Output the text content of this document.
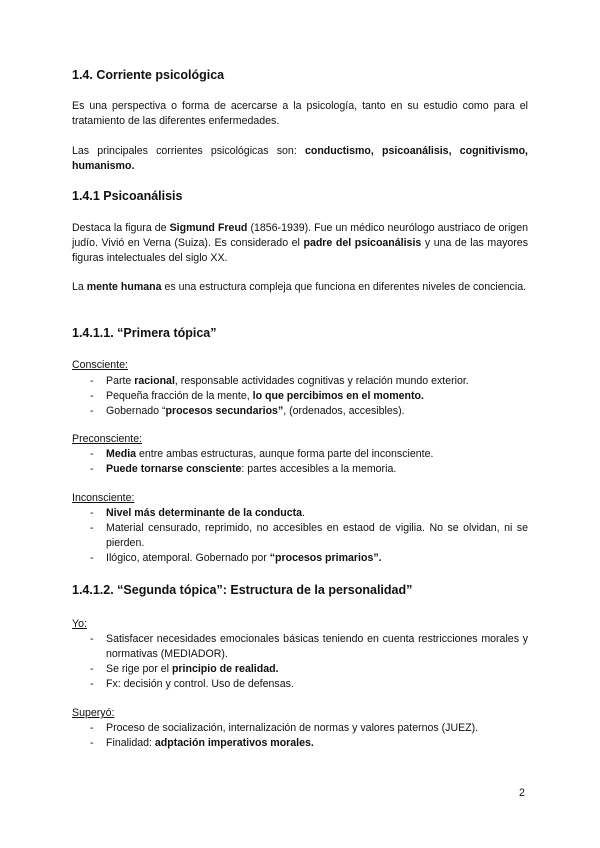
1.4. Corriente psicológica

Es una perspectiva o forma de acercarse a la psicología, tanto en su estudio como para el tratamiento de las diferentes enfermedades.

Las principales corrientes psicológicas son: conductismo, psicoanálisis, cognitivismo, humanismo.

1.4.1 Psicoanálisis

Destaca la figura de Sigmund Freud (1856-1939). Fue un médico neurólogo austriaco de origen judío. Vivió en Verna (Suiza). Es considerado el padre del psicoanálisis y una de las mayores figuras intelectuales del siglo XX.

La mente humana es una estructura compleja que funciona en diferentes niveles de conciencia.

1.4.1.1. “Primera tópica”
Consciente:
- Parte racional, responsable actividades cognitivas y relación mundo exterior.
- Pequeña fracción de la mente, lo que percibimos en el momento.
- Gobernado “procesos secundarios”, (ordenados, accesibles).
Preconsciente:
- Media entre ambas estructuras, aunque forma parte del inconsciente.
- Puede tornarse consciente: partes accesibles a la memoria.
Inconsciente:
- Nivel más determinante de la conducta.
- Material censurado, reprimido, no accesibles en estaod de vigilia. No se olvidan, ni se pierden.
- Ilógico, atemporal. Gobernado por “procesos primarios”.
1.4.1.2. “Segunda tópica”: Estructura de la personalidad”
Yo:
- Satisfacer necesidades emocionales básicas teniendo en cuenta restricciones morales y normativas (MEDIADOR).
- Se rige por el principio de realidad.
- Fx: decisión y control. Uso de defensas.
Superyó:
- Proceso de socialización, internalización de normas y valores paternos (JUEZ).
- Finalidad: adptación imperativos morales.
2
